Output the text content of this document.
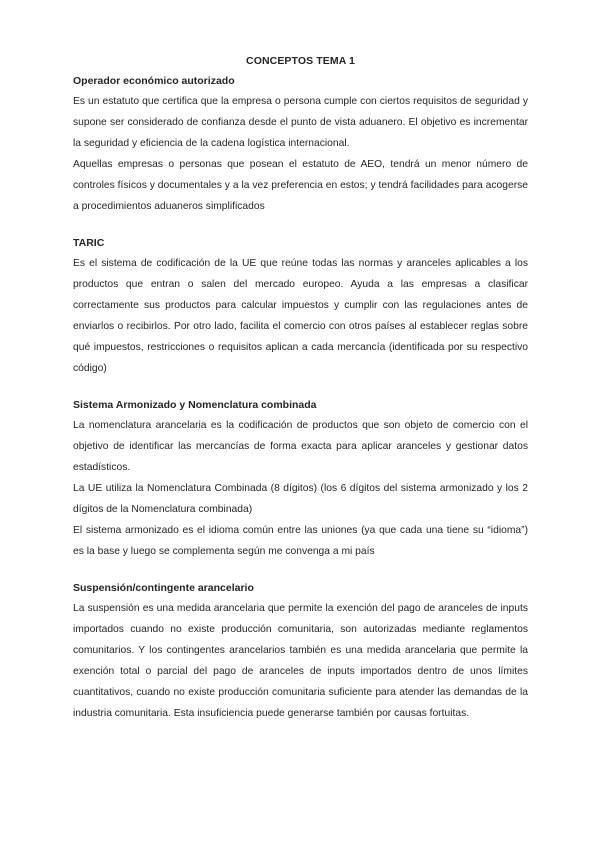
CONCEPTOS TEMA 1
Operador económico autorizado

Es un estatuto que certifica que la empresa o persona cumple con ciertos requisitos de seguridad y supone ser considerado de confianza desde el punto de vista aduanero. El objetivo es incrementar la seguridad y eficiencia de la cadena logística internacional.

Aquellas empresas o personas que posean el estatuto de AEO, tendrá un menor número de controles físicos y documentales y a la vez preferencia en estos; y tendrá facilidades para acogerse a procedimientos aduaneros simplificados

TARIC

Es el sistema de codificación de la UE que reúne todas las normas y aranceles aplicables a los productos que entran o salen del mercado europeo. Ayuda a las empresas a clasificar correctamente sus productos para calcular impuestos y cumplir con las regulaciones antes de enviarlos o recibirlos. Por otro lado, facilita el comercio con otros países al establecer reglas sobre qué impuestos, restricciones o requisitos aplican a cada mercancía (identificada por su respectivo código)

Sistema Armonizado y Nomenclatura combinada

La nomenclatura arancelaria es la codificación de productos que son objeto de comercio con el objetivo de identificar las mercancías de forma exacta para aplicar aranceles y gestionar datos estadísticos.

La UE utiliza la Nomenclatura Combinada (8 dígitos) (los 6 dígitos del sistema armonizado y los 2 dígitos de la Nomenclatura combinada)

El sistema armonizado es el idioma común entre las uniones (ya que cada una tiene su “idioma”) es la base y luego se complementa según me convenga a mi país

Suspensión/contingente arancelario

La suspensión es una medida arancelaria que permite la exención del pago de aranceles de inputs importados cuando no existe producción comunitaria, son autorizadas mediante reglamentos comunitarios. Y los contingentes arancelarios también es una medida arancelaria que permite la exención total o parcial del pago de aranceles de inputs importados dentro de unos límites cuantitativos, cuando no existe producción comunitaria suficiente para atender las demandas de la industria comunitaria. Esta insuficiencia puede generarse también por causas fortuitas.
